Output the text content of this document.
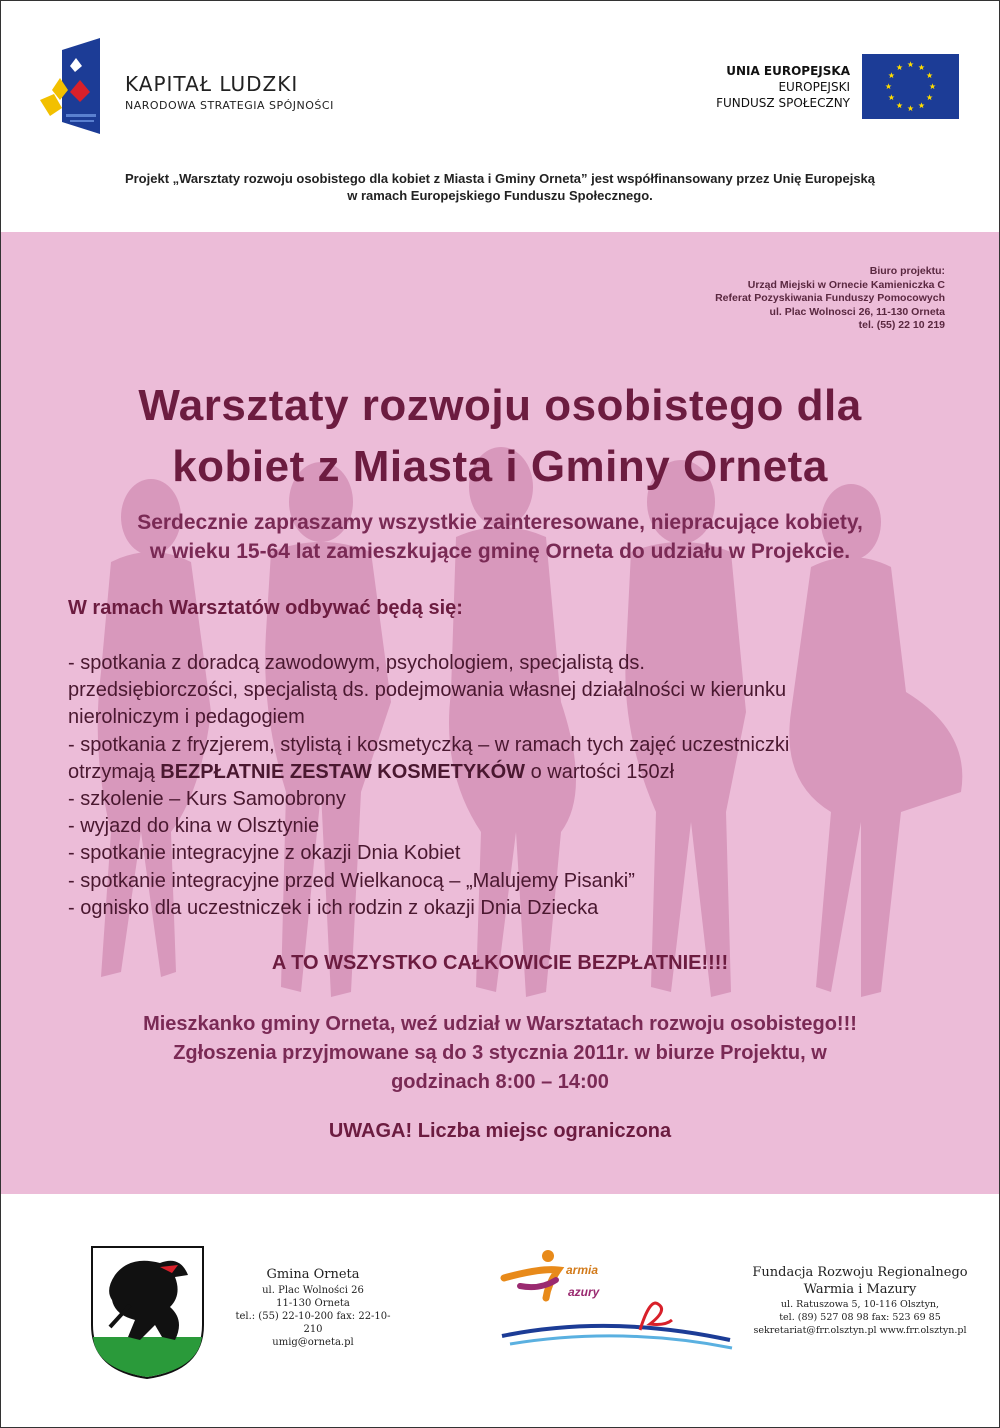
KAPITAŁ LUDZKI
NARODOWA STRATEGIA SPÓJNOŚCI
UNIA EUROPEJSKA
EUROPEJSKI
FUNDUSZ SPOŁECZNY
Projekt „Warsztaty rozwoju osobistego dla kobiet z Miasta i Gminy Orneta” jest współfinansowany przez Unię Europejską
w ramach Europejskiego Funduszu Społecznego.
Biuro projektu:
Urząd Miejski w Ornecie Kamieniczka C
Referat Pozyskiwania Funduszy Pomocowych
ul. Plac Wolnosci 26, 11-130 Orneta
tel. (55) 22 10 219
Warsztaty rozwoju osobistego dla
kobiet z Miasta i Gminy Orneta
Serdecznie zapraszamy wszystkie zainteresowane, niepracujące kobiety,
w wieku 15-64 lat zamieszkujące gminę Orneta do udziału w Projekcie.
W ramach Warsztatów odbywać będą się:
- spotkania z doradcą zawodowym, psychologiem, specjalistą ds.
przedsiębiorczości, specjalistą ds. podejmowania własnej działalności w kierunku
nierolniczym i pedagogiem
- spotkania z fryzjerem, stylistą i kosmetyczką – w ramach tych zajęć uczestniczki
otrzymają BEZPŁATNIE ZESTAW KOSMETYKÓW o wartości 150zł
- szkolenie – Kurs Samoobrony
- wyjazd do kina w Olsztynie
- spotkanie integracyjne z okazji Dnia Kobiet
- spotkanie integracyjne przed Wielkanocą – „Malujemy Pisanki”
- ognisko dla uczestniczek i ich rodzin z okazji Dnia Dziecka
A TO WSZYSTKO CAŁKOWICIE BEZPŁATNIE!!!!
Mieszkanko gminy Orneta, weź udział w Warsztatach rozwoju osobistego!!!
Zgłoszenia przyjmowane są do 3 stycznia 2011r. w biurze Projektu, w
godzinach 8:00 – 14:00
UWAGA! Liczba miejsc ograniczona
Gmina Orneta
ul. Plac Wolności 26
11-130 Orneta
tel.: (55) 22-10-200 fax: 22-10-210
umig@orneta.pl
armia
azury
Fundacja Rozwoju Regionalnego
Warmia i Mazury
ul. Ratuszowa 5, 10-116 Olsztyn,
tel. (89) 527 08 98 fax: 523 69 85
sekretariat@frr.olsztyn.pl www.frr.olsztyn.pl
